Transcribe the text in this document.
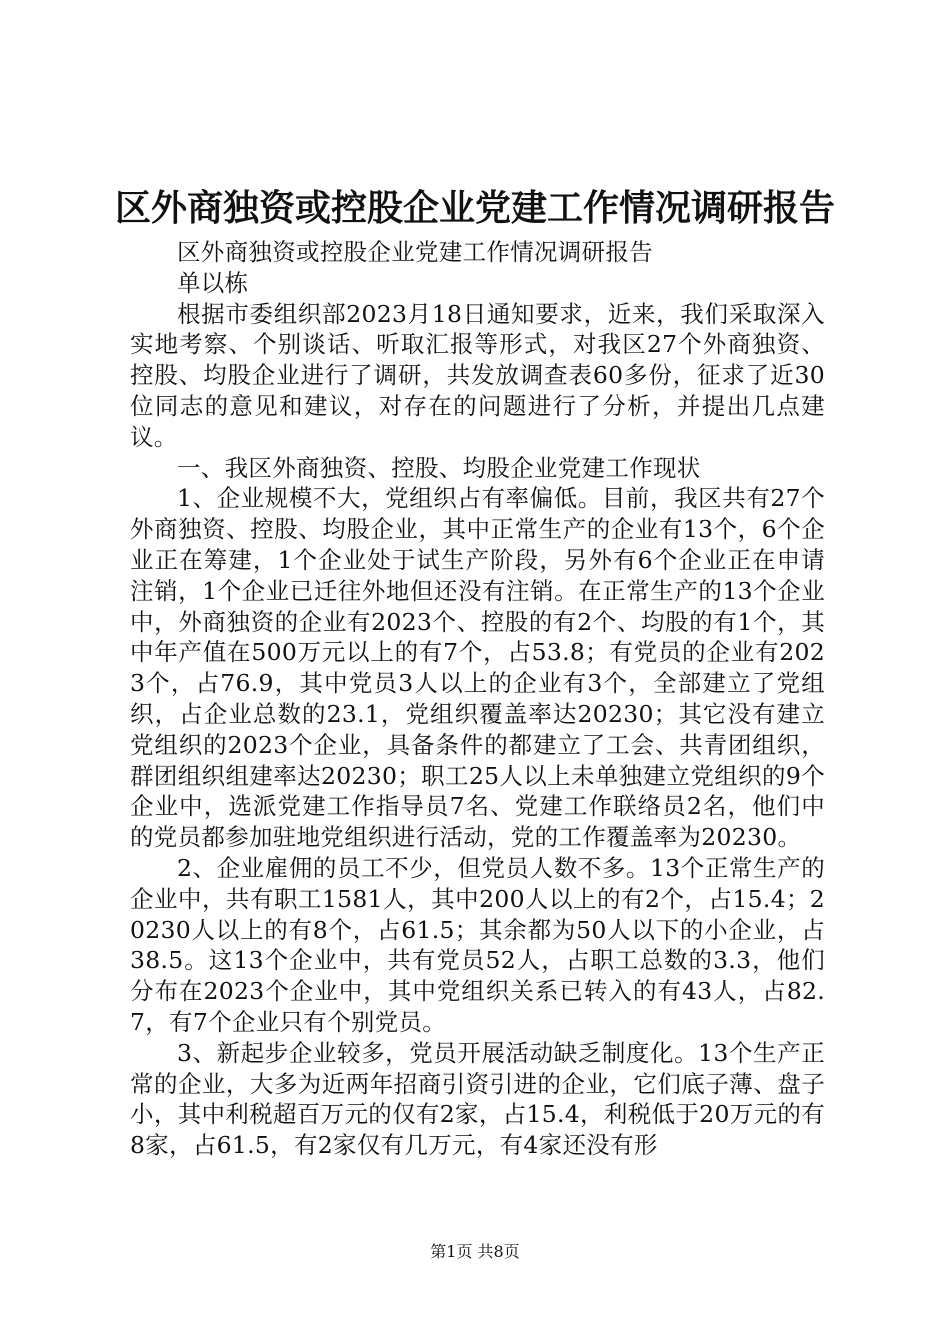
区外商独资或控股企业党建工作情况调研报告

区外商独资或控股企业党建工作情况调研报告

单以栋

根据市委组织部2023月18日通知要求，近来，我们采取深入实地考察、个别谈话、听取汇报等形式，对我区27个外商独资、控股、均股企业进行了调研，共发放调查表60多份，征求了近30位同志的意见和建议，对存在的问题进行了分析，并提出几点建议。

一、我区外商独资、控股、均股企业党建工作现状

1、企业规模不大，党组织占有率偏低。目前，我区共有27个外商独资、控股、均股企业，其中正常生产的企业有13个，6个企业正在筹建，1个企业处于试生产阶段，另外有6个企业正在申请注销，1个企业已迁往外地但还没有注销。在正常生产的13个企业中，外商独资的企业有2023个、控股的有2个、均股的有1个，其中年产值在500万元以上的有7个，占53.8；有党员的企业有2023个，占76.9，其中党员3人以上的企业有3个，全部建立了党组织，占企业总数的23.1，党组织覆盖率达20230；其它没有建立党组织的2023个企业，具备条件的都建立了工会、共青团组织，群团组织组建率达20230；职工25人以上未单独建立党组织的9个企业中，选派党建工作指导员7名、党建工作联络员2名，他们中的党员都参加驻地党组织进行活动，党的工作覆盖率为20230。

2、企业雇佣的员工不少，但党员人数不多。13个正常生产的企业中，共有职工1581人，其中200人以上的有2个，占15.4；20230人以上的有8个，占61.5；其余都为50人以下的小企业，占38.5。这13个企业中，共有党员52人，占职工总数的3.3，他们分布在2023个企业中，其中党组织关系已转入的有43人，占82.7，有7个企业只有个别党员。

3、新起步企业较多，党员开展活动缺乏制度化。13个生产正常的企业，大多为近两年招商引资引进的企业，它们底子薄、盘子小，其中利税超百万元的仅有2家，占15.4，利税低于20万元的有8家，占61.5，有2家仅有几万元，有4家还没有形

第1页 共8页
